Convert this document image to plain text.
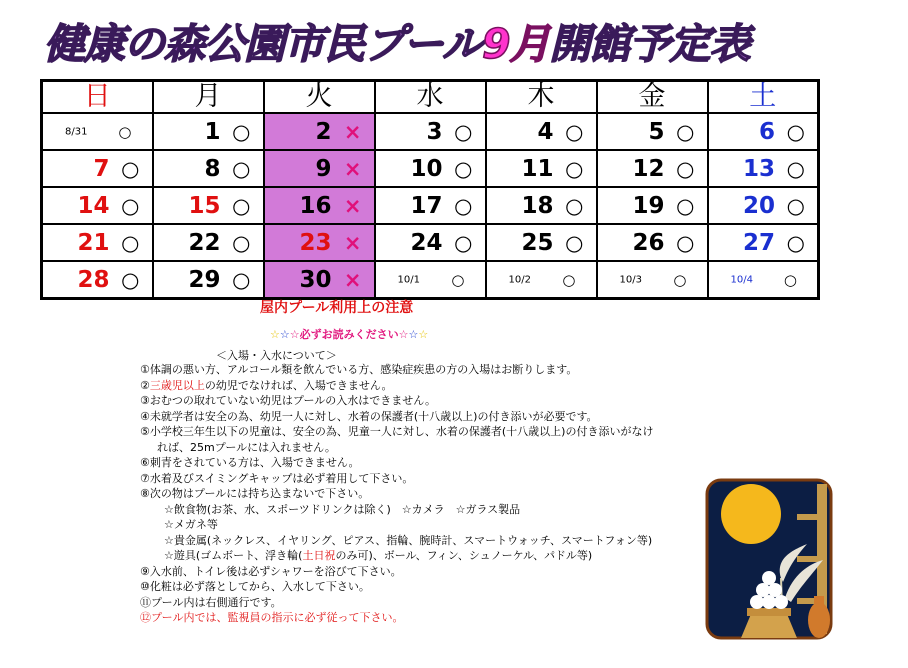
健康の森公園市民プール9月開館予定表
日	月	火	水	木	金	土

8/31 ○	1 ○	2 ×	3 ○	4 ○	5 ○	6 ○

7 ○	8 ○	9 ×	10 ○	11 ○	12 ○	13 ○

14 ○	15 ○	16 ×	17 ○	18 ○	19 ○	20 ○

21 ○	22 ○	23 ×	24 ○	25 ○	26 ○	27 ○

28 ○	29 ○	30 ×	10/1 ○	10/2 ○	10/3 ○	10/4 ○
屋内プール利用上の注意
☆☆☆必ずお読みください☆☆☆
＜入場・入水について＞
①体調の悪い方、アルコール類を飲んでいる方、感染症疾患の方の入場はお断りします。
②三歳児以上の幼児でなければ、入場できません。
③おむつの取れていない幼児はプールの入水はできません。
④未就学者は安全の為、幼児一人に対し、水着の保護者(十八歳以上)の付き添いが必要です。
⑤小学校三年生以下の児童は、安全の為、児童一人に対し、水着の保護者(十八歳以上)の付き添いがなければ、25mプールには入れません。
⑥刺青をされている方は、入場できません。
⑦水着及びスイミングキャップは必ず着用して下さい。
⑧次の物はプールには持ち込まないで下さい。
☆飲食物(お茶、水、スポーツドリンクは除く)　☆カメラ　☆ガラス製品
☆メガネ等
☆貴金属(ネックレス、イヤリング、ピアス、指輪、腕時計、スマートウォッチ、スマートフォン等)
☆遊具(ゴムボート、浮き輪(土日祝のみ可)、ボール、フィン、シュノーケル、パドル等)
⑨入水前、トイレ後は必ずシャワーを浴びて下さい。
⑩化粧は必ず落としてから、入水して下さい。
⑪プール内は右側通行です。
⑫プール内では、監視員の指示に必ず従って下さい。
